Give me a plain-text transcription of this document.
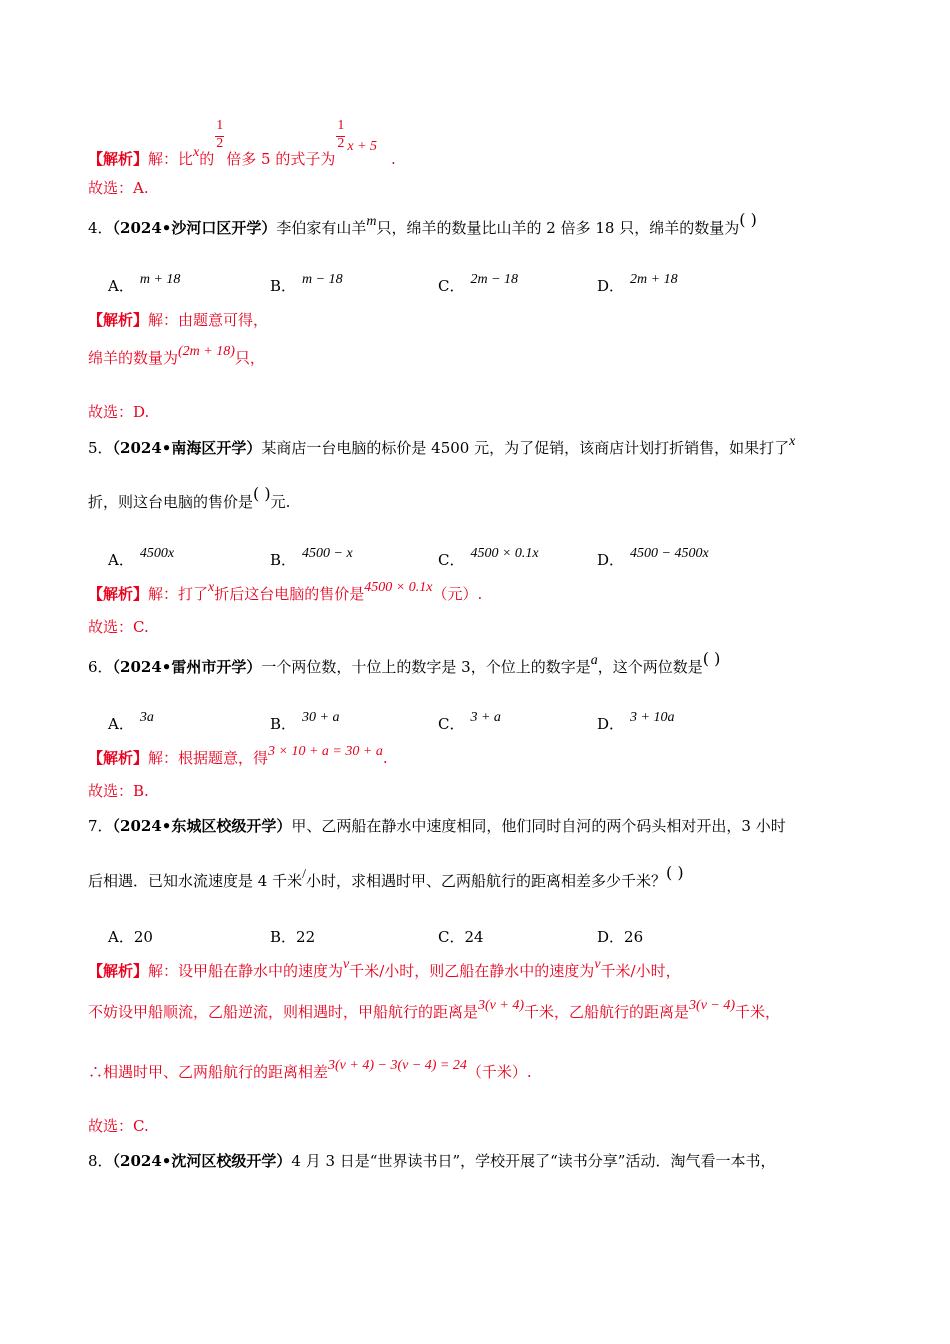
【解析】解：比x的 $\frac{1}{2}$ 倍多 5 的式子为 $\frac{1}{2}$ x + 5.
故选：A.
4．（2024•沙河口区开学）李伯家有山羊m只，绵羊的数量比山羊的 2 倍多 18 只，绵羊的数量为( )
A． m + 18	B． m − 18	C． 2m − 18	D． 2m + 18
【解析】解：由题意可得，
绵羊的数量为(2m + 18)只，
故选：D.
5．（2024•南海区开学）某商店一台电脑的标价是 4500 元，为了促销，该商店计划打折销售，如果打了x
折，则这台电脑的售价是( )元.
A． 4500x	B． 4500 − x	C． 4500 × 0.1x	D． 4500 − 4500x
【解析】解：打了x折后这台电脑的售价是4500 × 0.1x（元）.
故选：C.
6．（2024•雷州市开学）一个两位数，十位上的数字是 3，个位上的数字是a，这个两位数是( )
A． 3a	B． 30 + a	C． 3 + a	D． 3 + 10a
【解析】解：根据题意，得3 × 10 + a = 30 + a.
故选：B.
7．（2024•东城区校级开学）甲、乙两船在静水中速度相同，他们同时自河的两个码头相对开出，3 小时
后相遇．已知水流速度是 4 千米/小时，求相遇时甲、乙两船航行的距离相差多少千米？( )
A．20	B．22	C．24	D．26
【解析】解：设甲船在静水中的速度为v千米/小时，则乙船在静水中的速度为v千米/小时，
不妨设甲船顺流，乙船逆流，则相遇时，甲船航行的距离是3(v + 4)千米，乙船航行的距离是3(v − 4)千米，
∴相遇时甲、乙两船航行的距离相差3(v + 4) − 3(v − 4) = 24（千米）.
故选：C.
8．（2024•沈河区校级开学）4 月 3 日是“世界读书日”，学校开展了“读书分享”活动．淘气看一本书，
